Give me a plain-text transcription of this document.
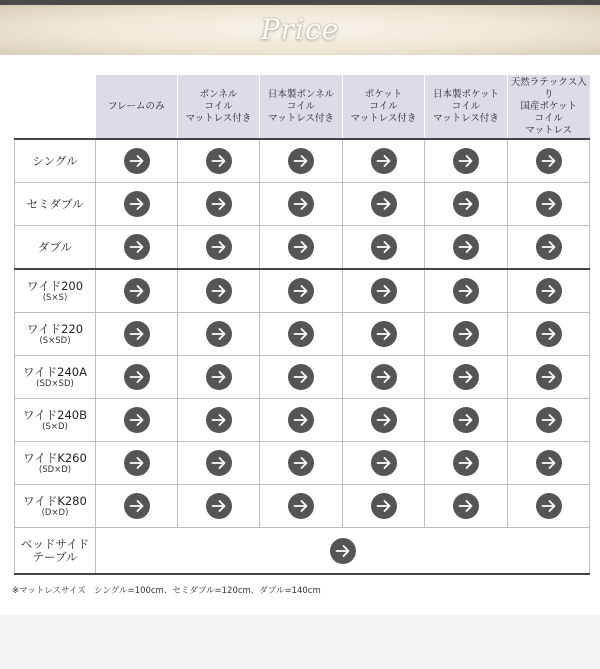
Price
	フレームのみ	ボンネル
コイル
マットレス付き	日本製ボンネル
コイル
マットレス付き	ポケット
コイル
マットレス付き	日本製ポケット
コイル
マットレス付き	天然ラテックス入り
国産ポケット
コイル
マットレス

シングル	

セミダブル	

ダブル	

ワイド200
(S×S)

ワイド220
(S×SD)

ワイド240A
(SD×SD)

ワイド240B
(S×D)

ワイドK260
(SD×D)

ワイドK280
(D×D)

ベッドサイド
テーブル	
※マットレスサイズ　シングル=100cm、セミダブル=120cm、ダブル=140cm
